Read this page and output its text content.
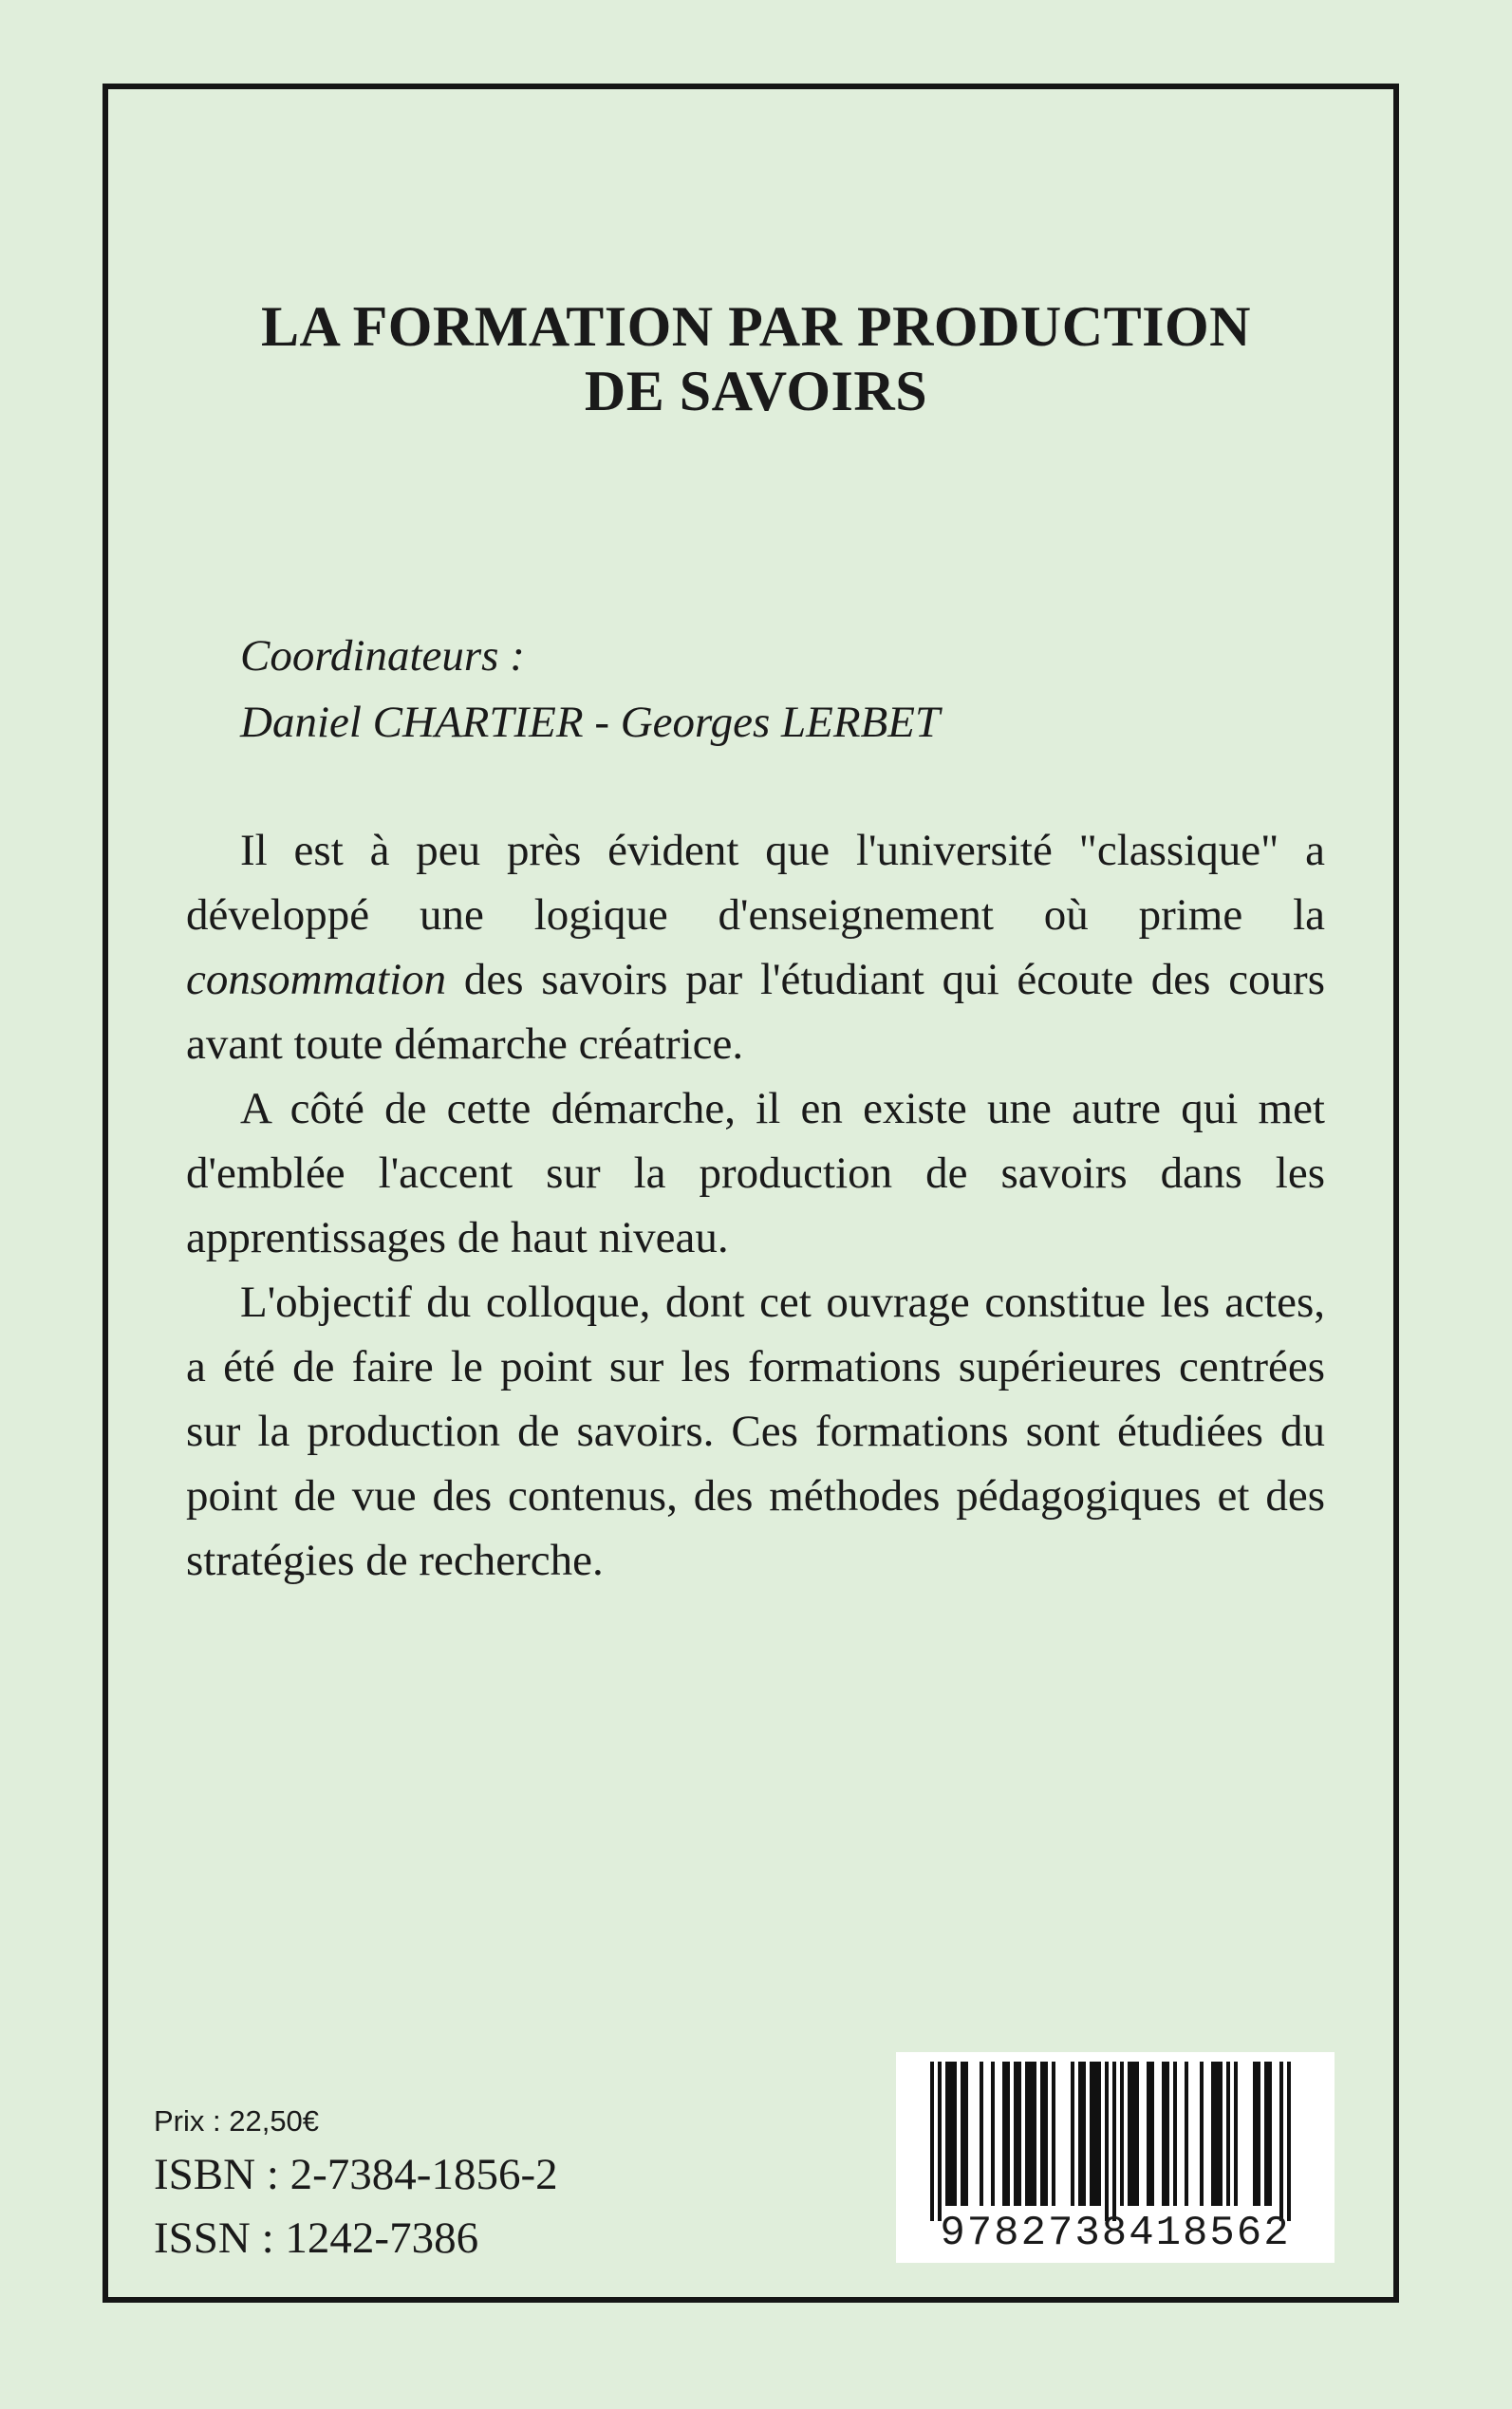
LA FORMATION PAR PRODUCTION
DE SAVOIRS
Coordinateurs :
Daniel CHARTIER - Georges LERBET

Il est à peu près évident que l'université "classique" a développé une logique d'enseignement où prime la consommation des savoirs par l'étudiant qui écoute des cours avant toute démarche créatrice.

A côté de cette démarche, il en existe une autre qui met d'emblée l'accent sur la production de savoirs dans les apprentissages de haut niveau.

L'objectif du colloque, dont cet ouvrage constitue les actes, a été de faire le point sur les formations supérieures centrées sur la production de savoirs. Ces formations sont étudiées du point de vue des contenus, des méthodes pédagogiques et des stratégies de recherche.

Prix : 22,50€
ISBN : 2-7384-1856-2
ISSN : 1242-7386	9782738418562
